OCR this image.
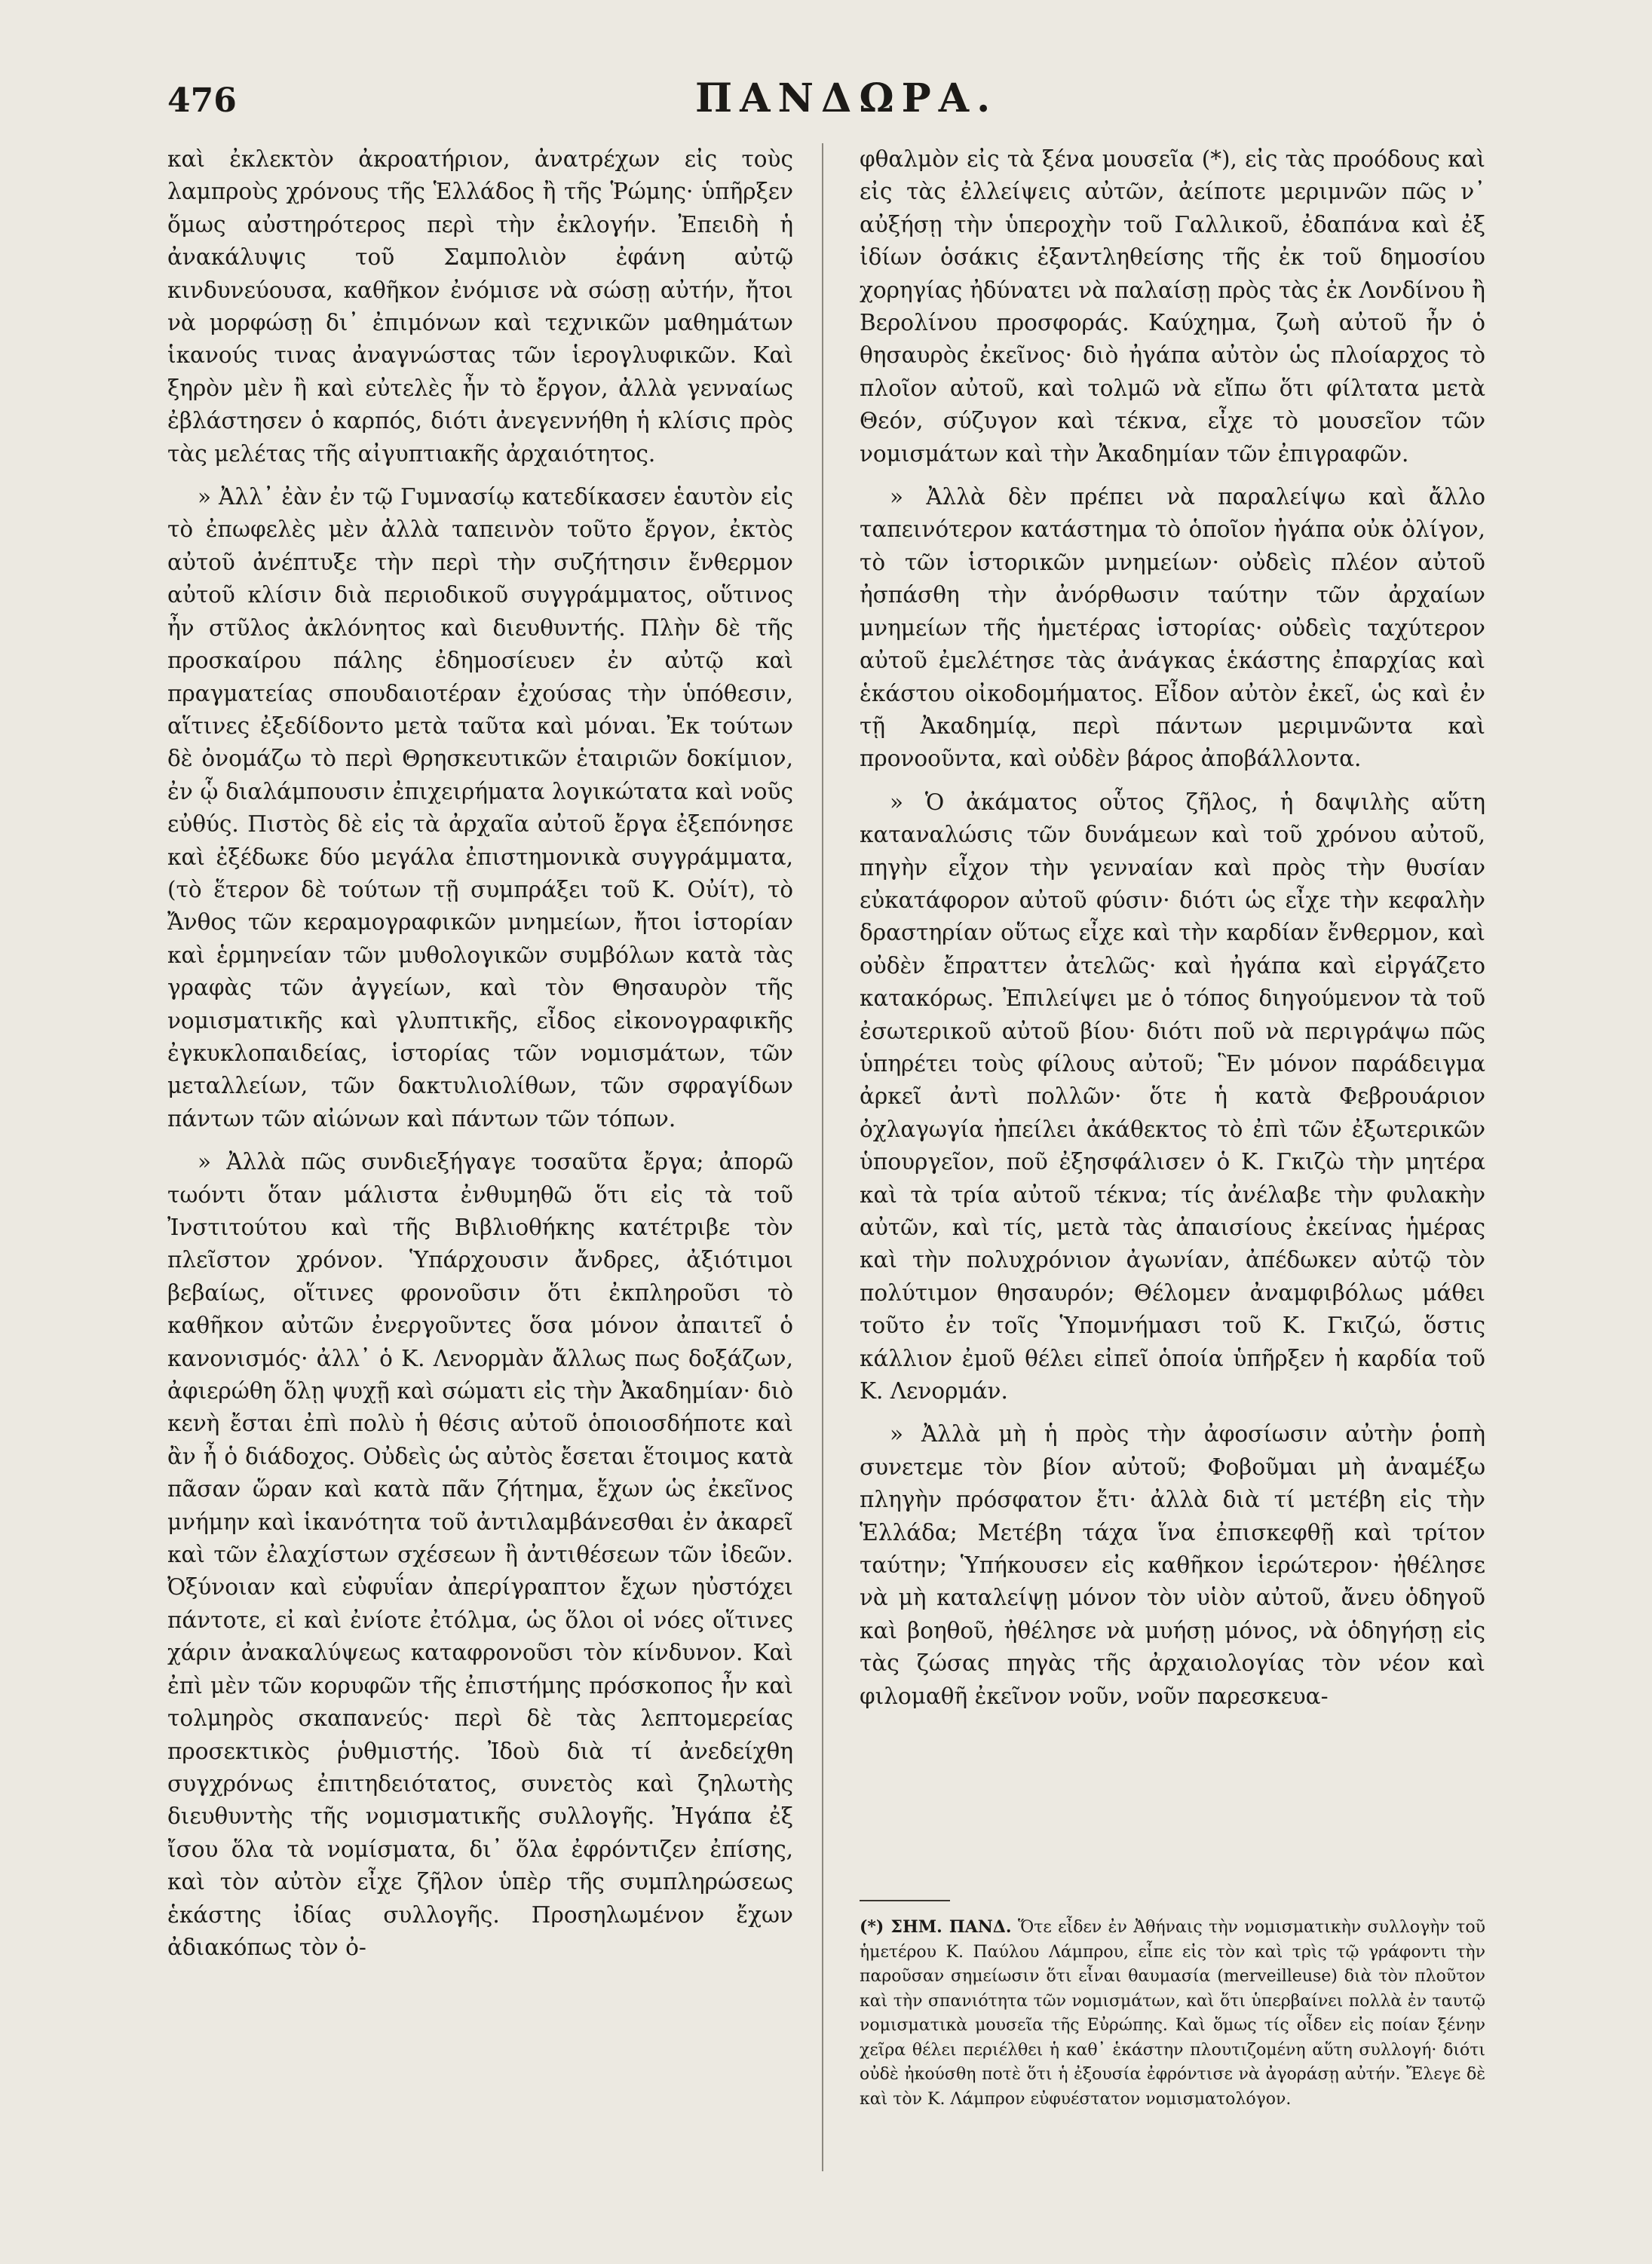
476	ΠΑΝΔΩΡΑ.

καὶ ἐκλεκτὸν ἀκροατήριον, ἀνατρέχων εἰς τοὺς λαμπροὺς χρόνους τῆς Ἑλλάδος ἢ τῆς Ῥώμης· ὑπῆρξεν ὅμως αὐστηρότερος περὶ τὴν ἐκλογήν. Ἐπειδὴ ἡ ἀνακάλυψις τοῦ Σαμπολιὸν ἐφάνη αὐτῷ κινδυνεύουσα, καθῆκον ἐνόμισε νὰ σώσῃ αὐτήν, ἤτοι νὰ μορφώσῃ δι᾽ ἐπιμόνων καὶ τεχνικῶν μαθημάτων ἱκανούς τινας ἀναγνώστας τῶν ἱερογλυφικῶν. Καὶ ξηρὸν μὲν ἢ καὶ εὐτελὲς ἦν τὸ ἔργον, ἀλλὰ γενναίως ἐβλάστησεν ὁ καρπός, διότι ἀνεγεννήθη ἡ κλίσις πρὸς τὰς μελέτας τῆς αἰγυπτιακῆς ἀρχαιότητος.

» Ἀλλ᾽ ἐὰν ἐν τῷ Γυμνασίῳ κατεδίκασεν ἑαυτὸν εἰς τὸ ἐπωφελὲς μὲν ἀλλὰ ταπεινὸν τοῦτο ἔργον, ἐκτὸς αὐτοῦ ἀνέπτυξε τὴν περὶ τὴν συζήτησιν ἔνθερμον αὐτοῦ κλίσιν διὰ περιοδικοῦ συγγράμματος, οὕτινος ἦν στῦλος ἀκλόνητος καὶ διευθυντής. Πλὴν δὲ τῆς προσκαίρου πάλης ἐδημοσίευεν ἐν αὐτῷ καὶ πραγματείας σπουδαιοτέραν ἐχούσας τὴν ὑπόθεσιν, αἵτινες ἐξεδίδοντο μετὰ ταῦτα καὶ μόναι. Ἐκ τούτων δὲ ὀνομάζω τὸ περὶ Θρησκευτικῶν ἑταιριῶν δοκίμιον, ἐν ᾧ διαλάμπουσιν ἐπιχειρήματα λογικώτατα καὶ νοῦς εὐθύς. Πιστὸς δὲ εἰς τὰ ἀρχαῖα αὐτοῦ ἔργα ἐξεπόνησε καὶ ἐξέδωκε δύο μεγάλα ἐπιστημονικὰ συγγράμματα, (τὸ ἕτερον δὲ τούτων τῇ συμπράξει τοῦ Κ. Οὐίτ), τὸ Ἄνθος τῶν κεραμογραφικῶν μνημείων, ἤτοι ἱστορίαν καὶ ἑρμηνείαν τῶν μυθολογικῶν συμβόλων κατὰ τὰς γραφὰς τῶν ἀγγείων, καὶ τὸν Θησαυρὸν τῆς νομισματικῆς καὶ γλυπτικῆς, εἶδος εἰκονογραφικῆς ἐγκυκλοπαιδείας, ἱστορίας τῶν νομισμάτων, τῶν μεταλλείων, τῶν δακτυλιολίθων, τῶν σφραγίδων πάντων τῶν αἰώνων καὶ πάντων τῶν τόπων.

» Ἀλλὰ πῶς συνδιεξήγαγε τοσαῦτα ἔργα; ἀπορῶ τωόντι ὅταν μάλιστα ἐνθυμηθῶ ὅτι εἰς τὰ τοῦ Ἰνστιτούτου καὶ τῆς Βιβλιοθήκης κατέτριβε τὸν πλεῖστον χρόνον. Ὑπάρχουσιν ἄνδρες, ἀξιότιμοι βεβαίως, οἵτινες φρονοῦσιν ὅτι ἐκπληροῦσι τὸ καθῆκον αὐτῶν ἐνεργοῦντες ὅσα μόνον ἀπαιτεῖ ὁ κανονισμός· ἀλλ᾽ ὁ Κ. Λενορμὰν ἄλλως πως δοξάζων, ἀφιερώθη ὅλῃ ψυχῇ καὶ σώματι εἰς τὴν Ἀκαδημίαν· διὸ κενὴ ἔσται ἐπὶ πολὺ ἡ θέσις αὐτοῦ ὁποιοσδήποτε καὶ ἂν ἦ ὁ διάδοχος. Οὐδεὶς ὡς αὐτὸς ἔσεται ἕτοιμος κατὰ πᾶσαν ὥραν καὶ κατὰ πᾶν ζήτημα, ἔχων ὡς ἐκεῖνος μνήμην καὶ ἱκανότητα τοῦ ἀντιλαμβάνεσθαι ἐν ἀκαρεῖ καὶ τῶν ἐλαχίστων σχέσεων ἢ ἀντιθέσεων τῶν ἰδεῶν. Ὀξύνοιαν καὶ εὐφυΐαν ἀπερίγραπτον ἔχων ηὐστόχει πάντοτε, εἰ καὶ ἐνίοτε ἐτόλμα, ὡς ὅλοι οἱ νόες οἵτινες χάριν ἀνακαλύψεως καταφρονοῦσι τὸν κίνδυνον. Καὶ ἐπὶ μὲν τῶν κορυφῶν τῆς ἐπιστήμης πρόσκοπος ἦν καὶ τολμηρὸς σκαπανεύς· περὶ δὲ τὰς λεπτομερείας προσεκτικὸς ῥυθμιστής. Ἰδοὺ διὰ τί ἀνεδείχθη συγχρόνως ἐπιτηδειότατος, συνετὸς καὶ ζηλωτὴς διευθυντὴς τῆς νομισματικῆς συλλογῆς. Ἠγάπα ἐξ ἴσου ὅλα τὰ νομίσματα, δι᾽ ὅλα ἐφρόντιζεν ἐπίσης, καὶ τὸν αὐτὸν εἶχε ζῆλον ὑπὲρ τῆς συμπληρώσεως ἑκάστης ἰδίας συλλογῆς. Προσηλωμένον ἔχων ἀδιακόπως τὸν ὀ-

φθαλμὸν εἰς τὰ ξένα μουσεῖα (*), εἰς τὰς προόδους καὶ εἰς τὰς ἐλλείψεις αὐτῶν, ἀείποτε μεριμνῶν πῶς ν᾽ αὐξήσῃ τὴν ὑπεροχὴν τοῦ Γαλλικοῦ, ἐδαπάνα καὶ ἐξ ἰδίων ὁσάκις ἐξαντληθείσης τῆς ἐκ τοῦ δημοσίου χορηγίας ἠδύνατει νὰ παλαίσῃ πρὸς τὰς ἐκ Λονδίνου ἢ Βερολίνου προσφοράς. Καύχημα, ζωὴ αὐτοῦ ἦν ὁ θησαυρὸς ἐκεῖνος· διὸ ἠγάπα αὐτὸν ὡς πλοίαρχος τὸ πλοῖον αὐτοῦ, καὶ τολμῶ νὰ εἴπω ὅτι φίλτατα μετὰ Θεόν, σύζυγον καὶ τέκνα, εἶχε τὸ μουσεῖον τῶν νομισμάτων καὶ τὴν Ἀκαδημίαν τῶν ἐπιγραφῶν.

» Ἀλλὰ δὲν πρέπει νὰ παραλείψω καὶ ἄλλο ταπεινότερον κατάστημα τὸ ὁποῖον ἠγάπα οὐκ ὀλίγον, τὸ τῶν ἱστορικῶν μνημείων· οὐδεὶς πλέον αὐτοῦ ἠσπάσθη τὴν ἀνόρθωσιν ταύτην τῶν ἀρχαίων μνημείων τῆς ἡμετέρας ἱστορίας· οὐδεὶς ταχύτερον αὐτοῦ ἐμελέτησε τὰς ἀνάγκας ἑκάστης ἐπαρχίας καὶ ἑκάστου οἰκοδομήματος. Εἶδον αὐτὸν ἐκεῖ, ὡς καὶ ἐν τῇ Ἀκαδημίᾳ, περὶ πάντων μεριμνῶντα καὶ προνοοῦντα, καὶ οὐδὲν βάρος ἀποβάλλοντα.

» Ὁ ἀκάματος οὗτος ζῆλος, ἡ δαψιλὴς αὕτη καταναλώσις τῶν δυνάμεων καὶ τοῦ χρόνου αὐτοῦ, πηγὴν εἶχον τὴν γενναίαν καὶ πρὸς τὴν θυσίαν εὐκατάφορον αὐτοῦ φύσιν· διότι ὡς εἶχε τὴν κεφαλὴν δραστηρίαν οὕτως εἶχε καὶ τὴν καρδίαν ἔνθερμον, καὶ οὐδὲν ἔπραττεν ἀτελῶς· καὶ ἠγάπα καὶ εἰργάζετο κατακόρως. Ἐπιλείψει με ὁ τόπος διηγούμενον τὰ τοῦ ἐσωτερικοῦ αὐτοῦ βίου· διότι ποῦ νὰ περιγράψω πῶς ὑπηρέτει τοὺς φίλους αὐτοῦ; Ἓν μόνον παράδειγμα ἀρκεῖ ἀντὶ πολλῶν· ὅτε ἡ κατὰ Φεβρουάριον ὀχλαγωγία ἠπείλει ἀκάθεκτος τὸ ἐπὶ τῶν ἐξωτερικῶν ὑπουργεῖον, ποῦ ἐξησφάλισεν ὁ Κ. Γκιζὼ τὴν μητέρα καὶ τὰ τρία αὐτοῦ τέκνα; τίς ἀνέλαβε τὴν φυλακὴν αὐτῶν, καὶ τίς, μετὰ τὰς ἀπαισίους ἐκείνας ἡμέρας καὶ τὴν πολυχρόνιον ἀγωνίαν, ἀπέδωκεν αὐτῷ τὸν πολύτιμον θησαυρόν; Θέλομεν ἀναμφιβόλως μάθει τοῦτο ἐν τοῖς Ὑπομνήμασι τοῦ Κ. Γκιζώ, ὅστις κάλλιον ἐμοῦ θέλει εἰπεῖ ὁποία ὑπῆρξεν ἡ καρδία τοῦ Κ. Λενορμάν.

» Ἀλλὰ μὴ ἡ πρὸς τὴν ἀφοσίωσιν αὐτὴν ῥοπὴ συνετεμε τὸν βίον αὐτοῦ; Φοβοῦμαι μὴ ἀναμέξω πληγὴν πρόσφατον ἔτι· ἀλλὰ διὰ τί μετέβη εἰς τὴν Ἑλλάδα; Μετέβη τάχα ἵνα ἐπισκεφθῇ καὶ τρίτον ταύτην; Ὑπήκουσεν εἰς καθῆκον ἱερώτερον· ἠθέλησε νὰ μὴ καταλείψῃ μόνον τὸν υἱὸν αὐτοῦ, ἄνευ ὁδηγοῦ καὶ βοηθοῦ, ἠθέλησε νὰ μυήσῃ μόνος, νὰ ὁδηγήσῃ εἰς τὰς ζώσας πηγὰς τῆς ἀρχαιολογίας τὸν νέον καὶ φιλομαθῆ ἐκεῖνον νοῦν, νοῦν παρεσκευα-

(*) ΣΗΜ. ΠΑΝΔ. Ὅτε εἶδεν ἐν Ἀθήναις τὴν νομισματικὴν συλλογὴν τοῦ ἡμετέρου Κ. Παύλου Λάμπρου, εἶπε εἰς τὸν καὶ τρὶς τῷ γράφοντι τὴν παροῦσαν σημείωσιν ὅτι εἶναι θαυμασία (merveilleuse) διὰ τὸν πλοῦτον καὶ τὴν σπανιότητα τῶν νομισμάτων, καὶ ὅτι ὑπερβαίνει πολλὰ ἐν ταυτῷ νομισματικὰ μουσεῖα τῆς Εὐρώπης. Καὶ ὅμως τίς οἶδεν εἰς ποίαν ξένην χεῖρα θέλει περιέλθει ἡ καθ᾽ ἑκάστην πλουτιζομένη αὕτη συλλογή· διότι οὐδὲ ἠκούσθη ποτὲ ὅτι ἡ ἐξουσία ἐφρόντισε νὰ ἀγοράσῃ αὐτήν. Ἔλεγε δὲ καὶ τὸν Κ. Λάμπρον εὐφυέστατον νομισματολόγον.
